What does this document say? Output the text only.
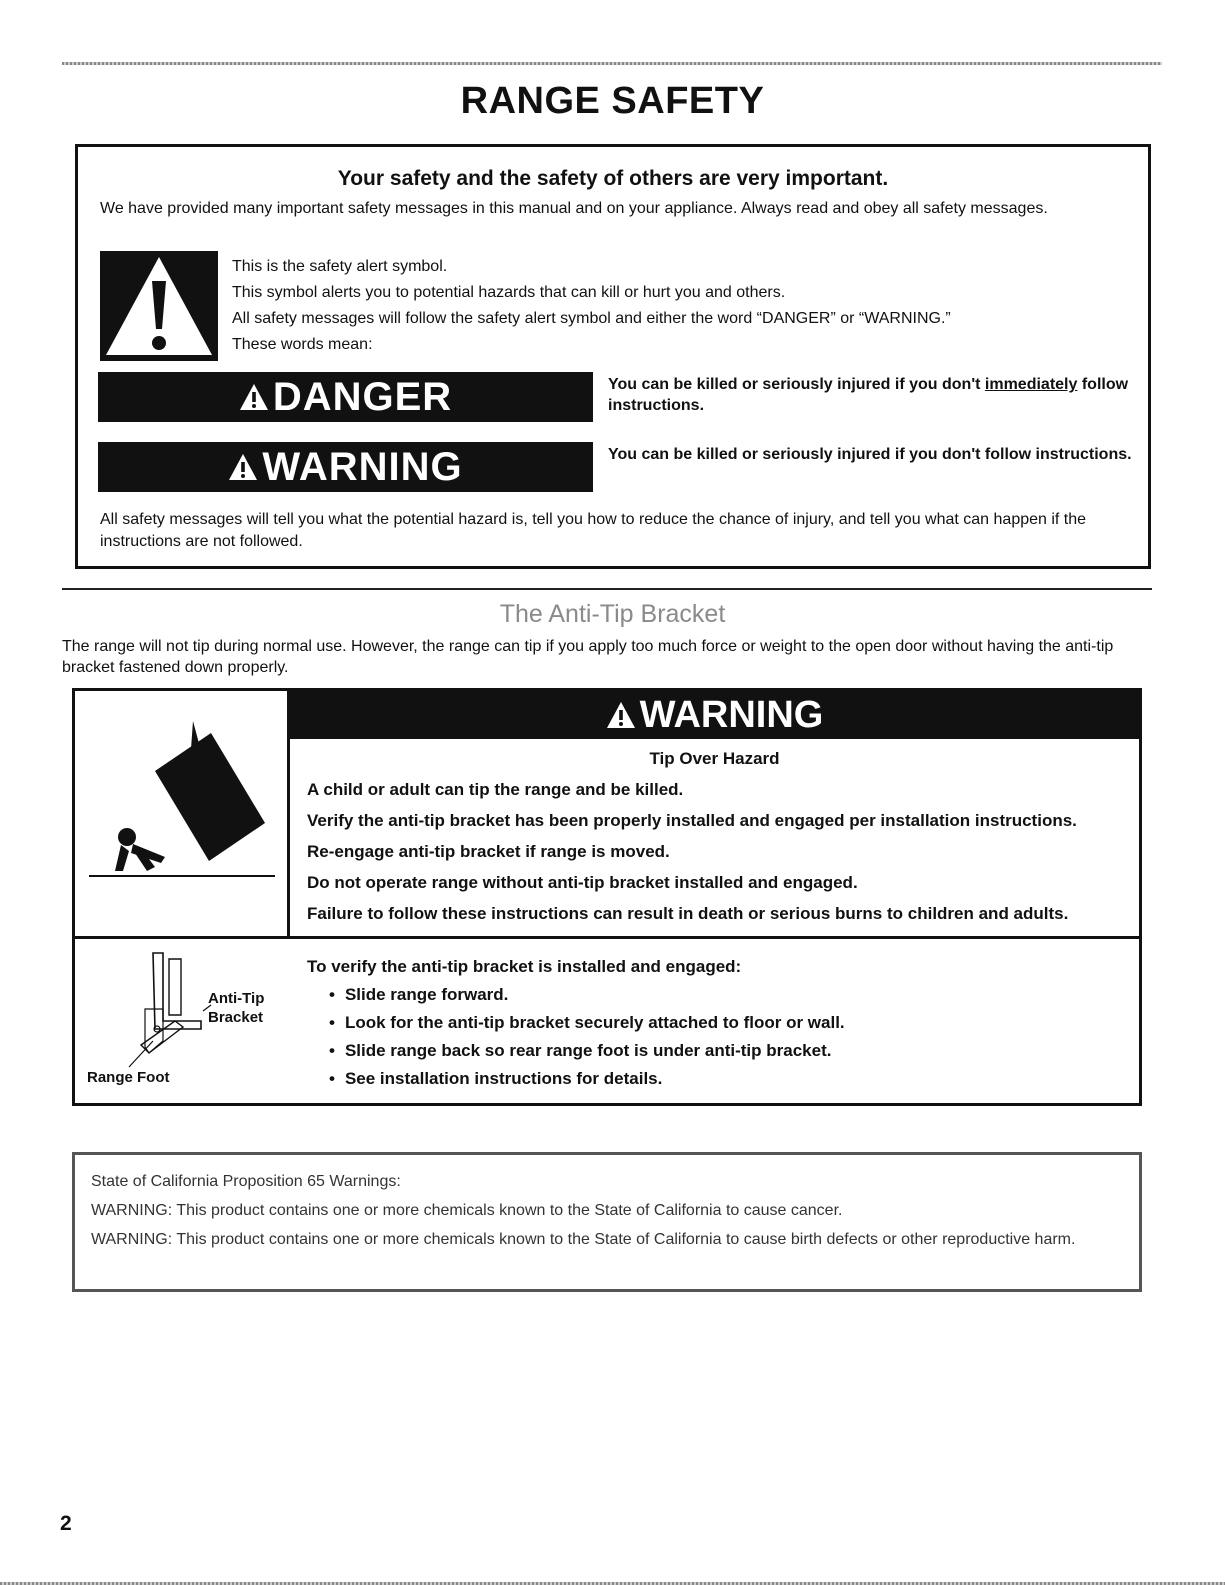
RANGE SAFETY
Your safety and the safety of others are very important.
We have provided many important safety messages in this manual and on your appliance. Always read and obey all safety messages.
This is the safety alert symbol.
This symbol alerts you to potential hazards that can kill or hurt you and others.
All safety messages will follow the safety alert symbol and either the word “DANGER” or “WARNING.”
These words mean:
DANGER	You can be killed or seriously injured if you don't immediately follow instructions.
WARNING	You can be killed or seriously injured if you don't follow instructions.
All safety messages will tell you what the potential hazard is, tell you how to reduce the chance of injury, and tell you what can happen if the instructions are not followed.
The Anti-Tip Bracket
The range will not tip during normal use. However, the range can tip if you apply too much force or weight to the open door without having the anti-tip bracket fastened down properly.
WARNING
Tip Over Hazard
A child or adult can tip the range and be killed.
Verify the anti-tip bracket has been properly installed and engaged per installation instructions.
Re-engage anti-tip bracket if range is moved.
Do not operate range without anti-tip bracket installed and engaged.
Failure to follow these instructions can result in death or serious burns to children and adults.
Anti-Tip
Bracket
Range Foot
To verify the anti-tip bracket is installed and engaged:
• Slide range forward.
• Look for the anti-tip bracket securely attached to floor or wall.
• Slide range back so rear range foot is under anti-tip bracket.
• See installation instructions for details.
State of California Proposition 65 Warnings:
WARNING: This product contains one or more chemicals known to the State of California to cause cancer.
WARNING: This product contains one or more chemicals known to the State of California to cause birth defects or other reproductive harm.
2
